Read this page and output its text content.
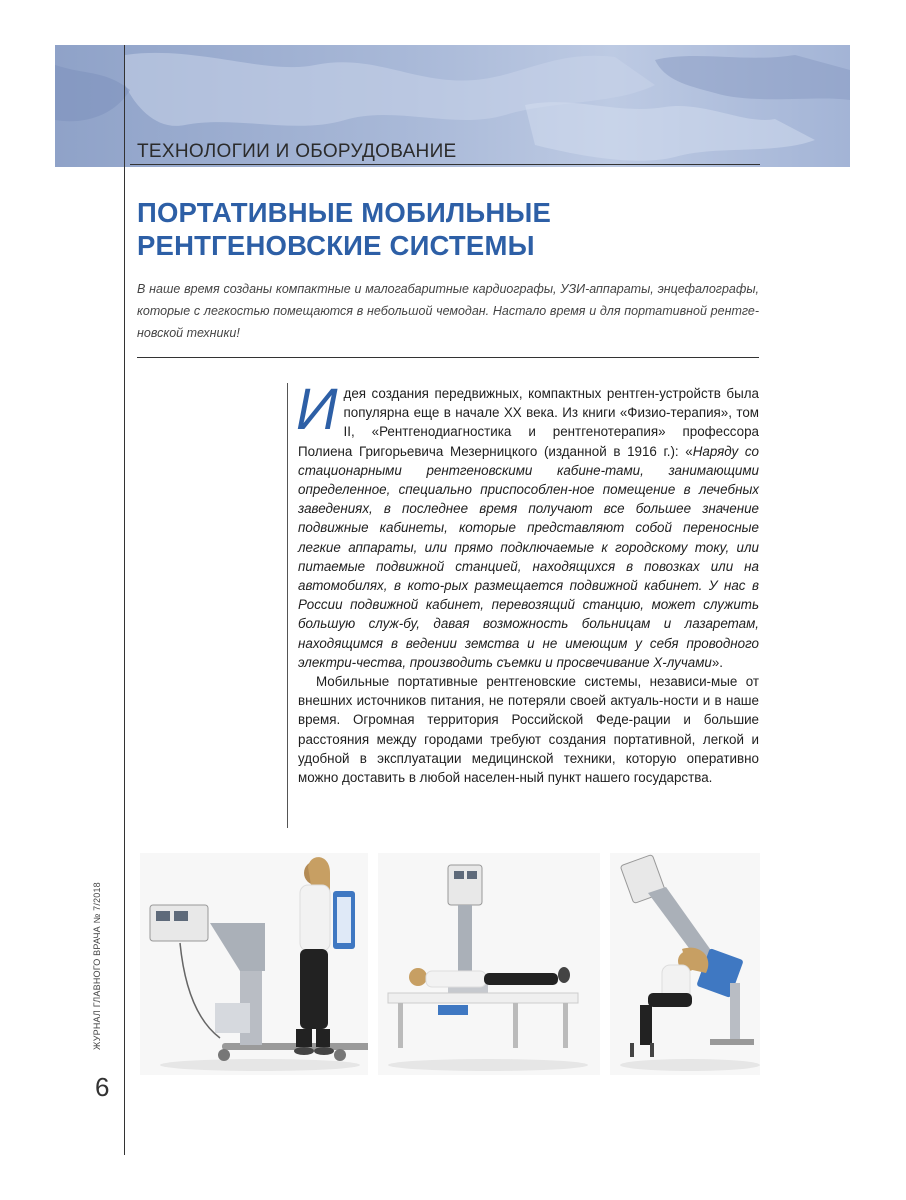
ТЕХНОЛОГИИ И ОБОРУДОВАНИЕ
ПОРТАТИВНЫЕ МОБИЛЬНЫЕ
РЕНТГЕНОВСКИЕ СИСТЕМЫ
В наше время созданы компактные и малогабаритные кардиографы, УЗИ-аппараты, энцефалографы, которые с легкостью помещаются в небольшой чемодан. Настало время и для портативной рентге-новской техники!

Идея создания передвижных, компактных рентген-устройств была популярна еще в начале XX века. Из книги «Физио-терапия», том II, «Рентгенодиагностика и рентгенотерапия» профессора Полиена Григорьевича Мезерницкого (изданной в 1916 г.): «Наряду со стационарными рентгеновскими кабине-тами, занимающими определенное, специально приспособлен-ное помещение в лечебных заведениях, в последнее время получают все большее значение подвижные кабинеты, которые представляют собой переносные легкие аппараты, или прямо подключаемые к городскому току, или питаемые подвижной станцией, находящихся в повозках или на автомобилях, в кото-рых размещается подвижной кабинет. У нас в России подвижной кабинет, перевозящий станцию, может служить большую служ-бу, давая возможность больницам и лазаретам, находящимся в ведении земства и не имеющим у себя проводного электри-чества, производить съемки и просвечивание Х-лучами».

Мобильные портативные рентгеновские системы, независи-мые от внешних источников питания, не потеряли своей актуаль-ности и в наше время. Огромная территория Российской Феде-рации и большие расстояния между городами требуют создания портативной, легкой и удобной в эксплуатации медицинской техники, которую оперативно можно доставить в любой населен-ный пункт нашего государства.

ЖУРНАЛ ГЛАВНОГО ВРАЧА № 7/2018
6
